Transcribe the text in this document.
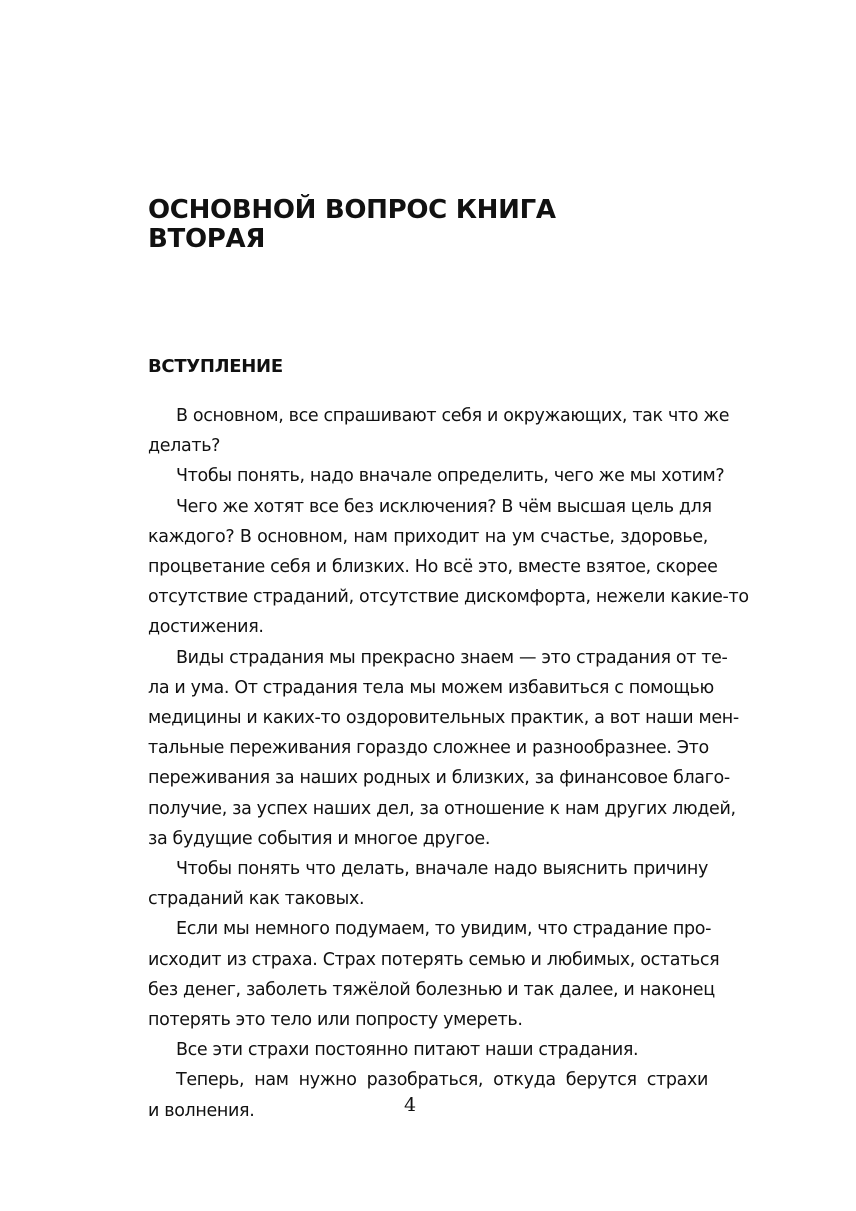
ОСНОВНОЙ ВОПРОС КНИГА
ВТОРАЯ
ВСТУПЛЕНИЕ
В основном, все спрашивают себя и окружающих, так что же
делать?
Чтобы понять, надо вначале определить, чего же мы хотим?
Чего же хотят все без исключения? В чём высшая цель для
каждого? В основном, нам приходит на ум счастье, здоровье,
процветание себя и близких. Но всё это, вместе взятое, скорее
отсутствие страданий, отсутствие дискомфорта, нежели какие-то
достижения.
Виды страдания мы прекрасно знаем — это страдания от те-
ла и ума. От страдания тела мы можем избавиться с помощью
медицины и каких-то оздоровительных практик, а вот наши мен-
тальные переживания гораздо сложнее и разнообразнее. Это
переживания за наших родных и близких, за финансовое благо-
получие, за успех наших дел, за отношение к нам других людей,
за будущие события и многое другое.
Чтобы понять что делать, вначале надо выяснить причину
страданий как таковых.
Если мы немного подумаем, то увидим, что страдание про-
исходит из страха. Страх потерять семью и любимых, остаться
без денег, заболеть тяжёлой болезнью и так далее, и наконец
потерять это тело или попросту умереть.
Все эти страхи постоянно питают наши страдания.
Теперь, нам нужно разобраться, откуда берутся страхи
и волнения.	4
